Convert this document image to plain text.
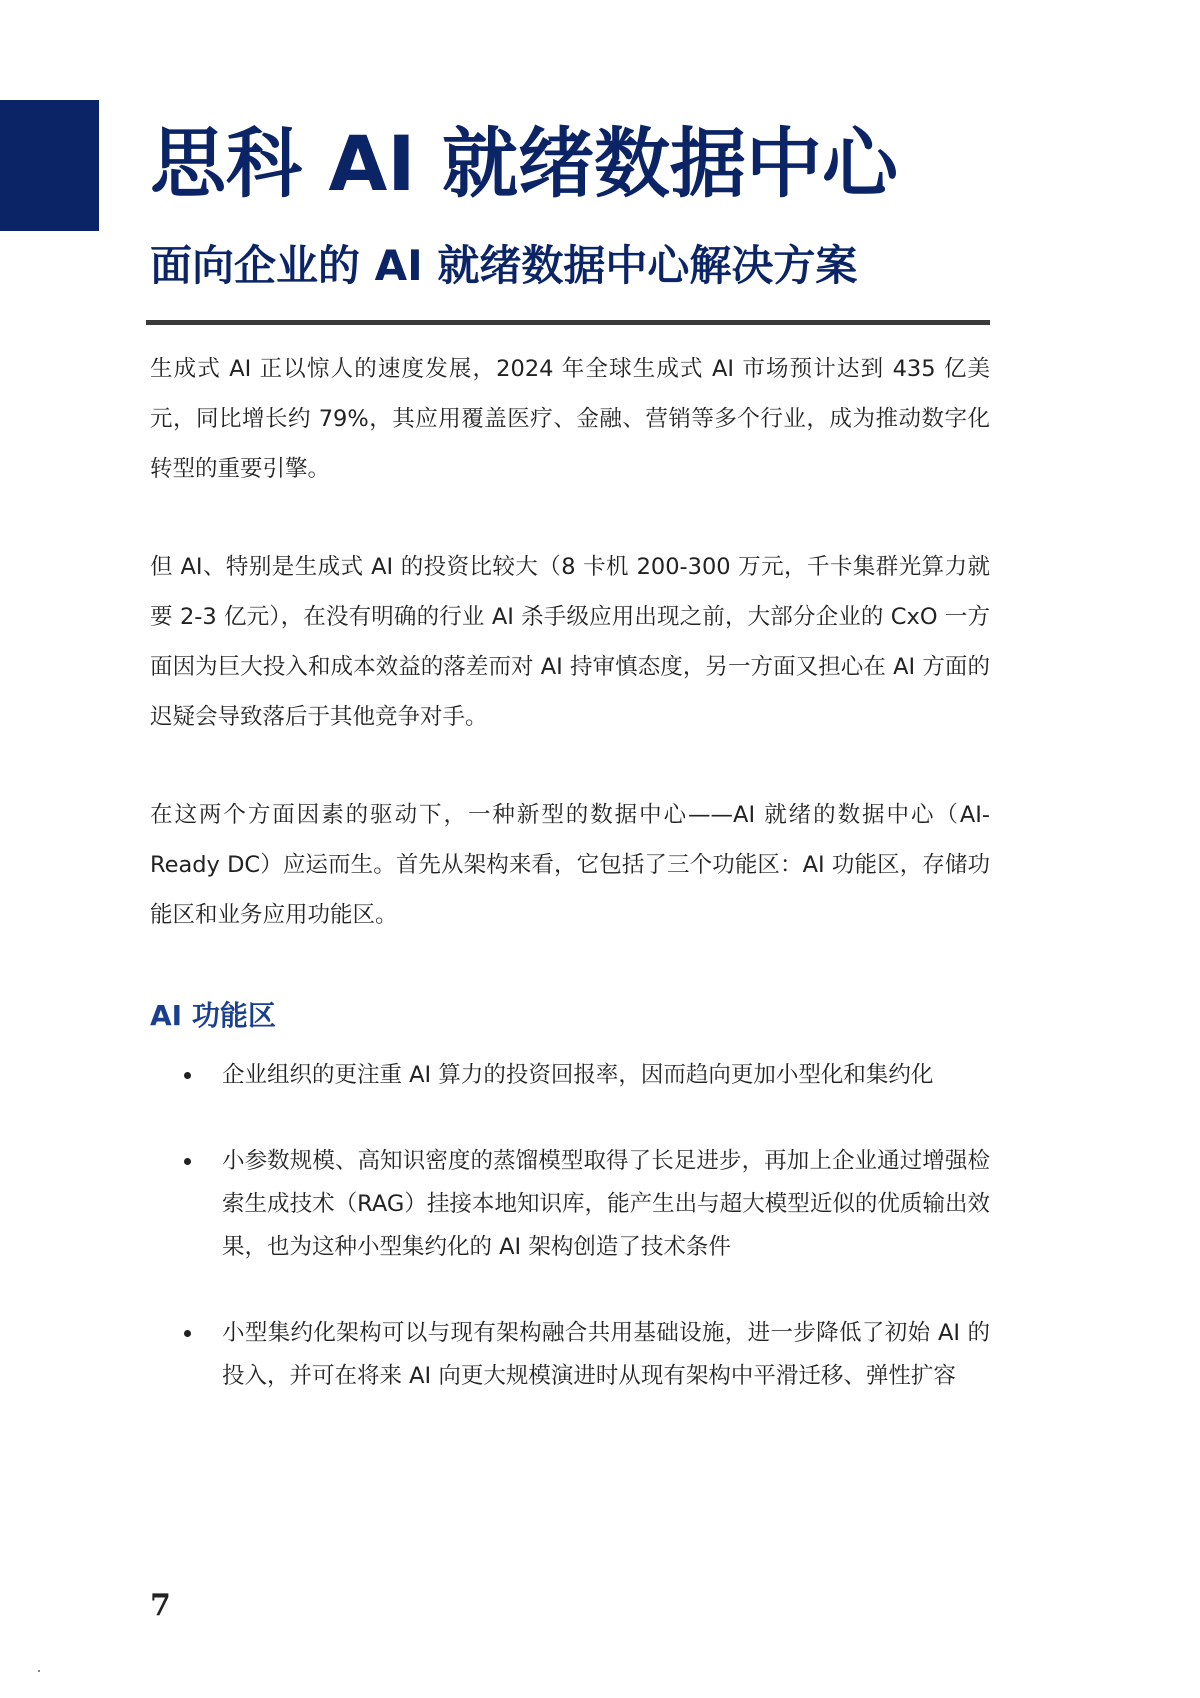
思科 AI 就绪数据中心
面向企业的 AI 就绪数据中心解决方案

生成式 AI 正以惊人的速度发展，2024 年全球生成式 AI 市场预计达到 435 亿美元，同比增长约 79%，其应用覆盖医疗、金融、营销等多个行业，成为推动数字化转型的重要引擎。

但 AI、特别是生成式 AI 的投资比较大（8 卡机 200-300 万元，千卡集群光算力就要 2-3 亿元），在没有明确的行业 AI 杀手级应用出现之前，大部分企业的 CxO 一方面因为巨大投入和成本效益的落差而对 AI 持审慎态度，另一方面又担心在 AI 方面的迟疑会导致落后于其他竞争对手。

在这两个方面因素的驱动下，一种新型的数据中心——AI 就绪的数据中心（AI-Ready DC）应运而生。首先从架构来看，它包括了三个功能区：AI 功能区，存储功能区和业务应用功能区。

AI 功能区
企业组织的更注重 AI 算力的投资回报率，因而趋向更加小型化和集约化
小参数规模、高知识密度的蒸馏模型取得了长足进步，再加上企业通过增强检索生成技术（RAG）挂接本地知识库，能产生出与超大模型近似的优质输出效果，也为这种小型集约化的 AI 架构创造了技术条件
小型集约化架构可以与现有架构融合共用基础设施，进一步降低了初始 AI 的投入，并可在将来 AI 向更大规模演进时从现有架构中平滑迁移、弹性扩容

7
